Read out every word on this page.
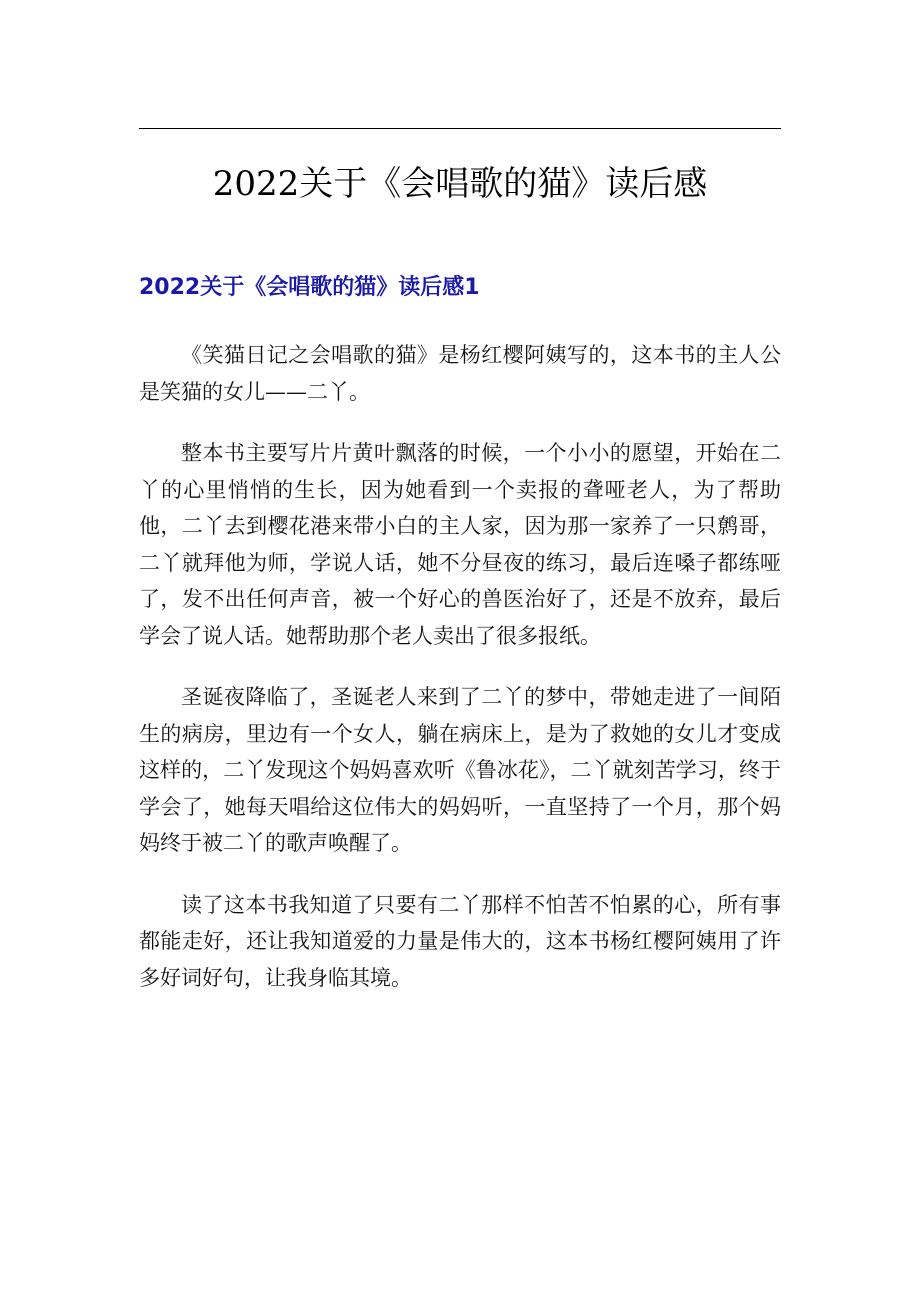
2022关于《会唱歌的猫》读后感
2022关于《会唱歌的猫》读后感1

《笑猫日记之会唱歌的猫》是杨红樱阿姨写的，这本书的主人公是笑猫的女儿——二丫。

整本书主要写片片黄叶飘落的时候，一个小小的愿望，开始在二丫的心里悄悄的生长，因为她看到一个卖报的聋哑老人，为了帮助他，二丫去到樱花港来带小白的主人家，因为那一家养了一只鹩哥，二丫就拜他为师，学说人话，她不分昼夜的练习，最后连嗓子都练哑了，发不出任何声音，被一个好心的兽医治好了，还是不放弃，最后学会了说人话。她帮助那个老人卖出了很多报纸。

圣诞夜降临了，圣诞老人来到了二丫的梦中，带她走进了一间陌生的病房，里边有一个女人，躺在病床上，是为了救她的女儿才变成这样的，二丫发现这个妈妈喜欢听《鲁冰花》，二丫就刻苦学习，终于学会了，她每天唱给这位伟大的妈妈听，一直坚持了一个月，那个妈妈终于被二丫的歌声唤醒了。

读了这本书我知道了只要有二丫那样不怕苦不怕累的心，所有事都能走好，还让我知道爱的力量是伟大的，这本书杨红樱阿姨用了许多好词好句，让我身临其境。
